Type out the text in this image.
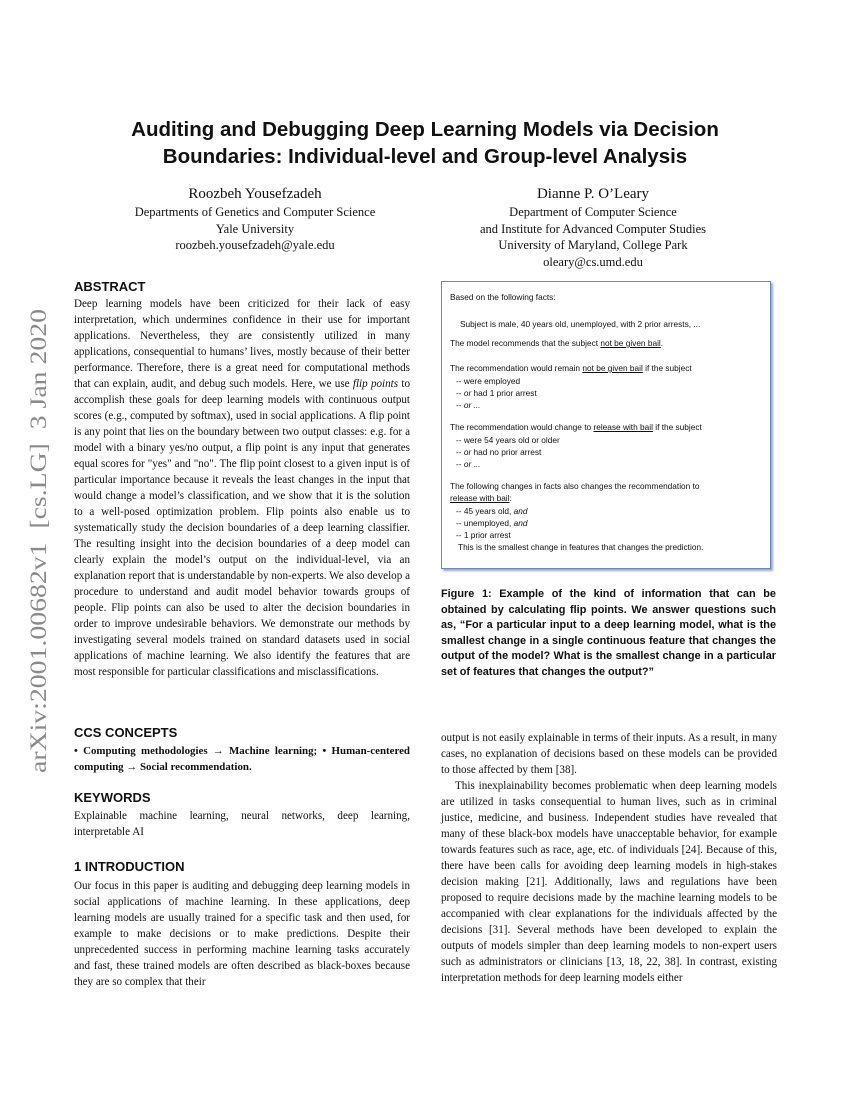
arXiv:2001.00682v1  [cs.LG]  3 Jan 2020
Auditing and Debugging Deep Learning Models via Decision Boundaries: Individual-level and Group-level Analysis
Roozbeh Yousefzadeh
Departments of Genetics and Computer Science
Yale University
roozbeh.yousefzadeh@yale.edu
Dianne P. O’Leary
Department of Computer Science
and Institute for Advanced Computer Studies
University of Maryland, College Park
oleary@cs.umd.edu
ABSTRACT

Deep learning models have been criticized for their lack of easy interpretation, which undermines confidence in their use for important applications. Nevertheless, they are consistently utilized in many applications, consequential to humans’ lives, mostly because of their better performance. Therefore, there is a great need for computational methods that can explain, audit, and debug such models. Here, we use flip points to accomplish these goals for deep learning models with continuous output scores (e.g., computed by softmax), used in social applications. A flip point is any point that lies on the boundary between two output classes: e.g. for a model with a binary yes/no output, a flip point is any input that generates equal scores for "yes" and "no". The flip point closest to a given input is of particular importance because it reveals the least changes in the input that would change a model’s classification, and we show that it is the solution to a well-posed optimization problem. Flip points also enable us to systematically study the decision boundaries of a deep learning classifier. The resulting insight into the decision boundaries of a deep model can clearly explain the model’s output on the individual-level, via an explanation report that is understandable by non-experts. We also develop a procedure to understand and audit model behavior towards groups of people. Flip points can also be used to alter the decision boundaries in order to improve undesirable behaviors. We demonstrate our methods by investigating several models trained on standard datasets used in social applications of machine learning. We also identify the features that are most responsible for particular classifications and misclassifications.

CCS CONCEPTS

• Computing methodologies → Machine learning; • Human-centered computing → Social recommendation.

KEYWORDS

Explainable machine learning, neural networks, deep learning, interpretable AI

1 INTRODUCTION

Our focus in this paper is auditing and debugging deep learning models in social applications of machine learning. In these applications, deep learning models are usually trained for a specific task and then used, for example to make decisions or to make predictions. Despite their unprecedented success in performing machine learning tasks accurately and fast, these trained models are often described as black-boxes because they are so complex that their

Based on the following facts:
Subject is male, 40 years old, unemployed, with 2 prior arrests, ...
The model recommends that the subject not be given bail.
The recommendation would remain not be given bail if the subject
-- were employed
-- or had 1 prior arrest
-- or ...
The recommendation would change to release with bail if the subject
-- were 54 years old or older
-- or had no prior arrest
-- or ...
The following changes in facts also changes the recommendation to
release with bail:
-- 45 years old, and
-- unemployed, and
-- 1 prior arrest
This is the smallest change in features that changes the prediction.
Figure 1: Example of the kind of information that can be obtained by calculating flip points. We answer questions such as, “For a particular input to a deep learning model, what is the smallest change in a single continuous feature that changes the output of the model? What is the smallest change in a particular set of features that changes the output?”

output is not easily explainable in terms of their inputs. As a result, in many cases, no explanation of decisions based on these models can be provided to those affected by them [38].

This inexplainability becomes problematic when deep learning models are utilized in tasks consequential to human lives, such as in criminal justice, medicine, and business. Independent studies have revealed that many of these black-box models have unacceptable behavior, for example towards features such as race, age, etc. of individuals [24]. Because of this, there have been calls for avoiding deep learning models in high-stakes decision making [21]. Additionally, laws and regulations have been proposed to require decisions made by the machine learning models to be accompanied with clear explanations for the individuals affected by the decisions [31]. Several methods have been developed to explain the outputs of models simpler than deep learning models to non-expert users such as administrators or clinicians [13, 18, 22, 38]. In contrast, existing interpretation methods for deep learning models either
